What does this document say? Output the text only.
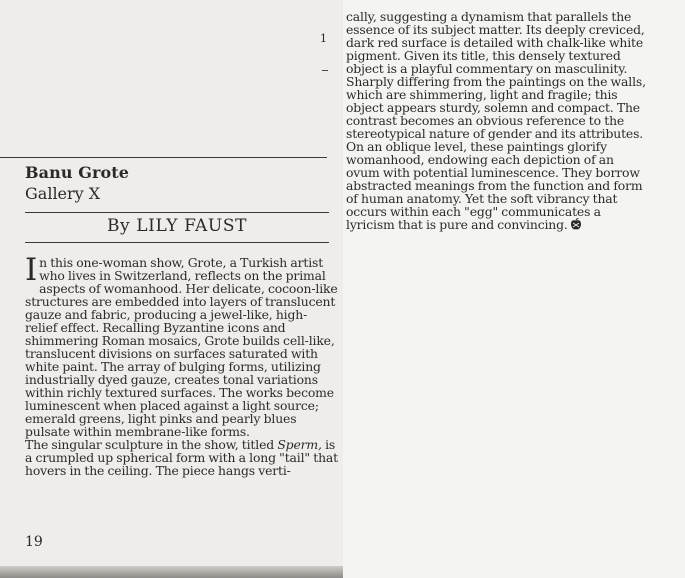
1
Banu Grote
Gallery X
By LILY FAUST

In this one-woman show, Grote, a Turkish artist who lives in Switzerland, reflects on the primal aspects of womanhood. Her delicate, cocoon-like structures are embedded into layers of translucent gauze and fabric, producing a jewel-like, high-relief effect. Recalling Byzantine icons and shimmering Roman mosaics, Grote builds cell-like, translucent divisions on surfaces saturated with white paint. The array of bulging forms, utilizing industrially dyed gauze, creates tonal variations within richly textured surfaces. The works become luminescent when placed against a light source; emerald greens, light pinks and pearly blues pulsate within membrane-like forms.

The singular sculpture in the show, titled Sperm, is a crumpled up spherical form with a long "tail" that hovers in the ceiling. The piece hangs verti-

cally, suggesting a dynamism that parallels the essence of its subject matter. Its deeply creviced, dark red surface is detailed with chalk-like white pigment. Given its title, this densely textured object is a playful commentary on masculinity. Sharply differing from the paintings on the walls, which are shimmering, light and fragile; this object appears sturdy, solemn and compact. The contrast becomes an obvious reference to the stereotypical nature of gender and its attributes. On an oblique level, these paintings glorify womanhood, endowing each depiction of an ovum with potential luminescence. They borrow abstracted meanings from the function and form of human anatomy. Yet the soft vibrancy that occurs within each "egg" communicates a lyricism that is pure and convincing.

19
